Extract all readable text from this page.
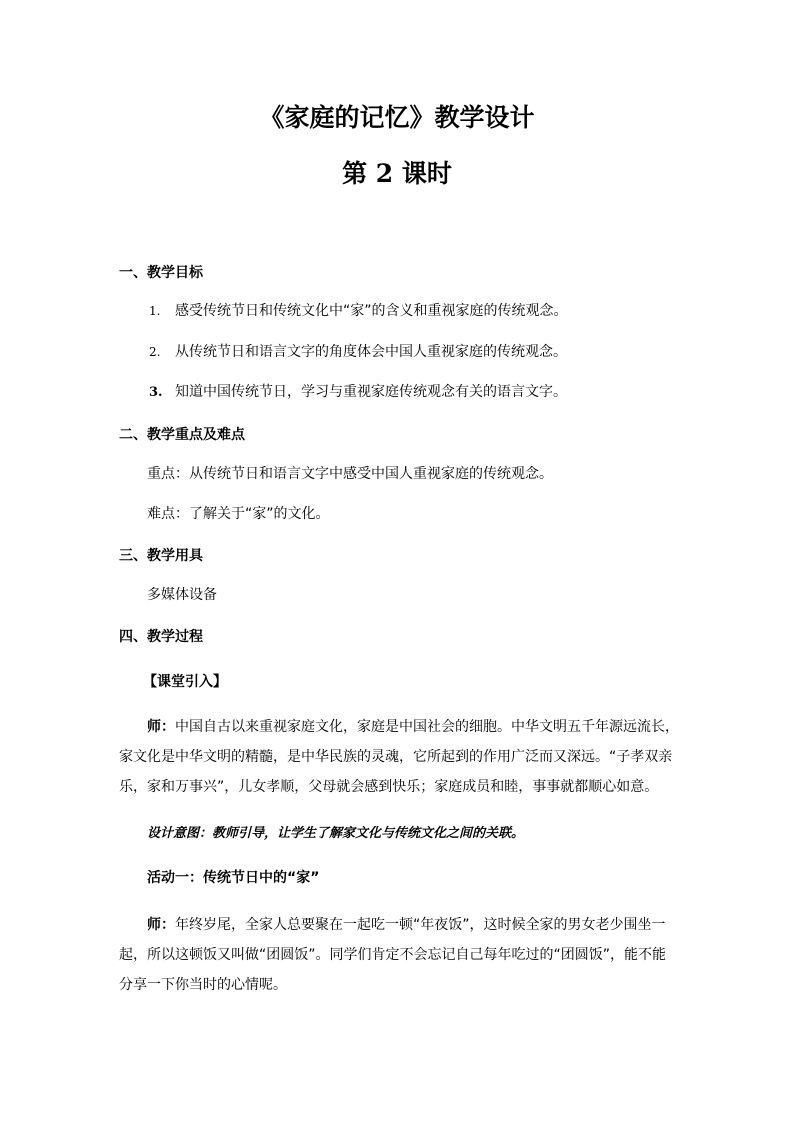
《家庭的记忆》教学设计
第 2 课时
一、教学目标
1. 感受传统节日和传统文化中“家”的含义和重视家庭的传统观念。
2. 从传统节日和语言文字的角度体会中国人重视家庭的传统观念。
3. 知道中国传统节日，学习与重视家庭传统观念有关的语言文字。
二、教学重点及难点
重点：从传统节日和语言文字中感受中国人重视家庭的传统观念。
难点：了解关于“家”的文化。
三、教学用具
多媒体设备
四、教学过程
【课堂引入】
师：中国自古以来重视家庭文化，家庭是中国社会的细胞。中华文明五千年源远流长，
家文化是中华文明的精髓，是中华民族的灵魂，它所起到的作用广泛而又深远。“子孝双亲
乐，家和万事兴”，儿女孝顺，父母就会感到快乐；家庭成员和睦，事事就都顺心如意。
设计意图：教师引导，让学生了解家文化与传统文化之间的关联。
活动一：传统节日中的“家”
师：年终岁尾，全家人总要聚在一起吃一顿“年夜饭”，这时候全家的男女老少围坐一
起，所以这顿饭又叫做“团圆饭”。同学们肯定不会忘记自己每年吃过的“团圆饭”，能不能
分享一下你当时的心情呢。
